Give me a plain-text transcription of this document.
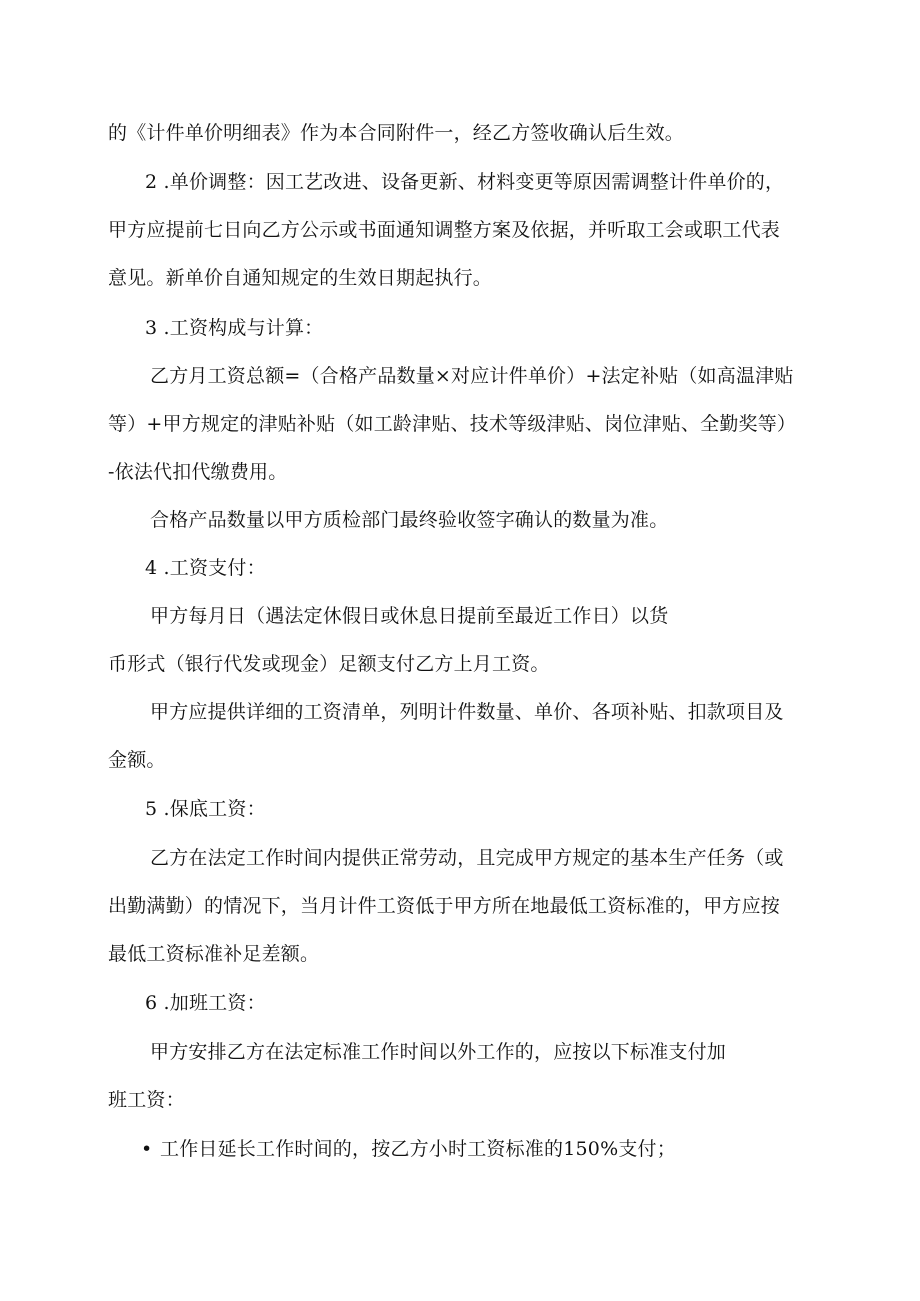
的《计件单价明细表》作为本合同附件一，经乙方签收确认后生效。
2 .单价调整：因工艺改进、设备更新、材料变更等原因需调整计件单价的，
甲方应提前七日向乙方公示或书面通知调整方案及依据，并听取工会或职工代表
意见。新单价自通知规定的生效日期起执行。
3 .工资构成与计算：
乙方月工资总额=（合格产品数量×对应计件单价）+法定补贴（如高温津贴
等）+甲方规定的津贴补贴（如工龄津贴、技术等级津贴、岗位津贴、全勤奖等）
-依法代扣代缴费用。
合格产品数量以甲方质检部门最终验收签字确认的数量为准。
4 .工资支付：
甲方每月日（遇法定休假日或休息日提前至最近工作日）以货
币形式（银行代发或现金）足额支付乙方上月工资。
甲方应提供详细的工资清单，列明计件数量、单价、各项补贴、扣款项目及
金额。
5 .保底工资：
乙方在法定工作时间内提供正常劳动，且完成甲方规定的基本生产任务（或
出勤满勤）的情况下，当月计件工资低于甲方所在地最低工资标准的，甲方应按
最低工资标准补足差额。
6 .加班工资：
甲方安排乙方在法定标准工作时间以外工作的，应按以下标准支付加
班工资：
• 工作日延长工作时间的，按乙方小时工资标准的150%支付；
